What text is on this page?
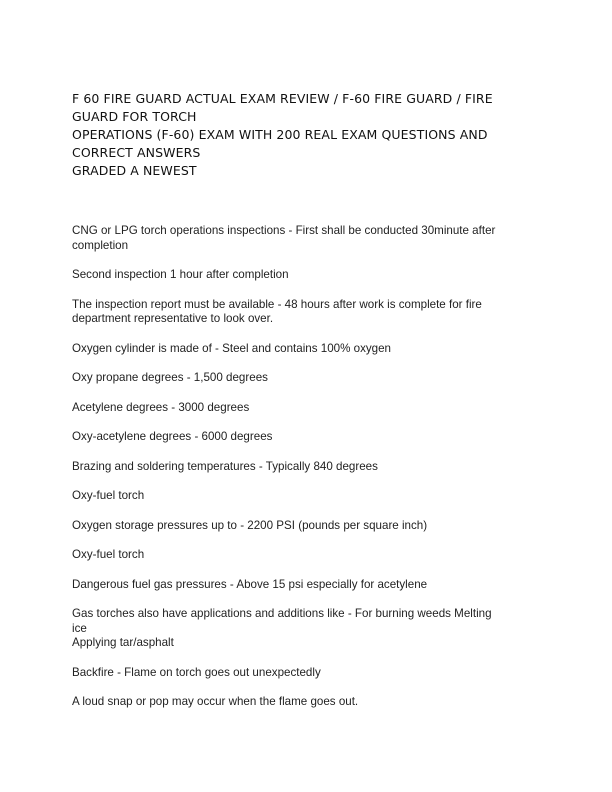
F 60 FIRE GUARD ACTUAL EXAM REVIEW / F-60 FIRE GUARD / FIRE
GUARD FOR TORCH
OPERATIONS (F-60) EXAM WITH 200 REAL EXAM QUESTIONS AND
CORRECT ANSWERS
GRADED A NEWEST

CNG or LPG torch operations inspections - First shall be conducted 30minute after
completion

Second inspection 1 hour after completion

The inspection report must be available - 48 hours after work is complete for fire
department representative to look over.

Oxygen cylinder is made of - Steel and contains 100% oxygen

Oxy propane degrees - 1,500 degrees

Acetylene degrees - 3000 degrees

Oxy-acetylene degrees - 6000 degrees

Brazing and soldering temperatures - Typically 840 degrees

Oxy-fuel torch

Oxygen storage pressures up to - 2200 PSI (pounds per square inch)

Oxy-fuel torch

Dangerous fuel gas pressures - Above 15 psi especially for acetylene

Gas torches also have applications and additions like - For burning weeds Melting
ice
Applying tar/asphalt

Backfire - Flame on torch goes out unexpectedly

A loud snap or pop may occur when the flame goes out.
